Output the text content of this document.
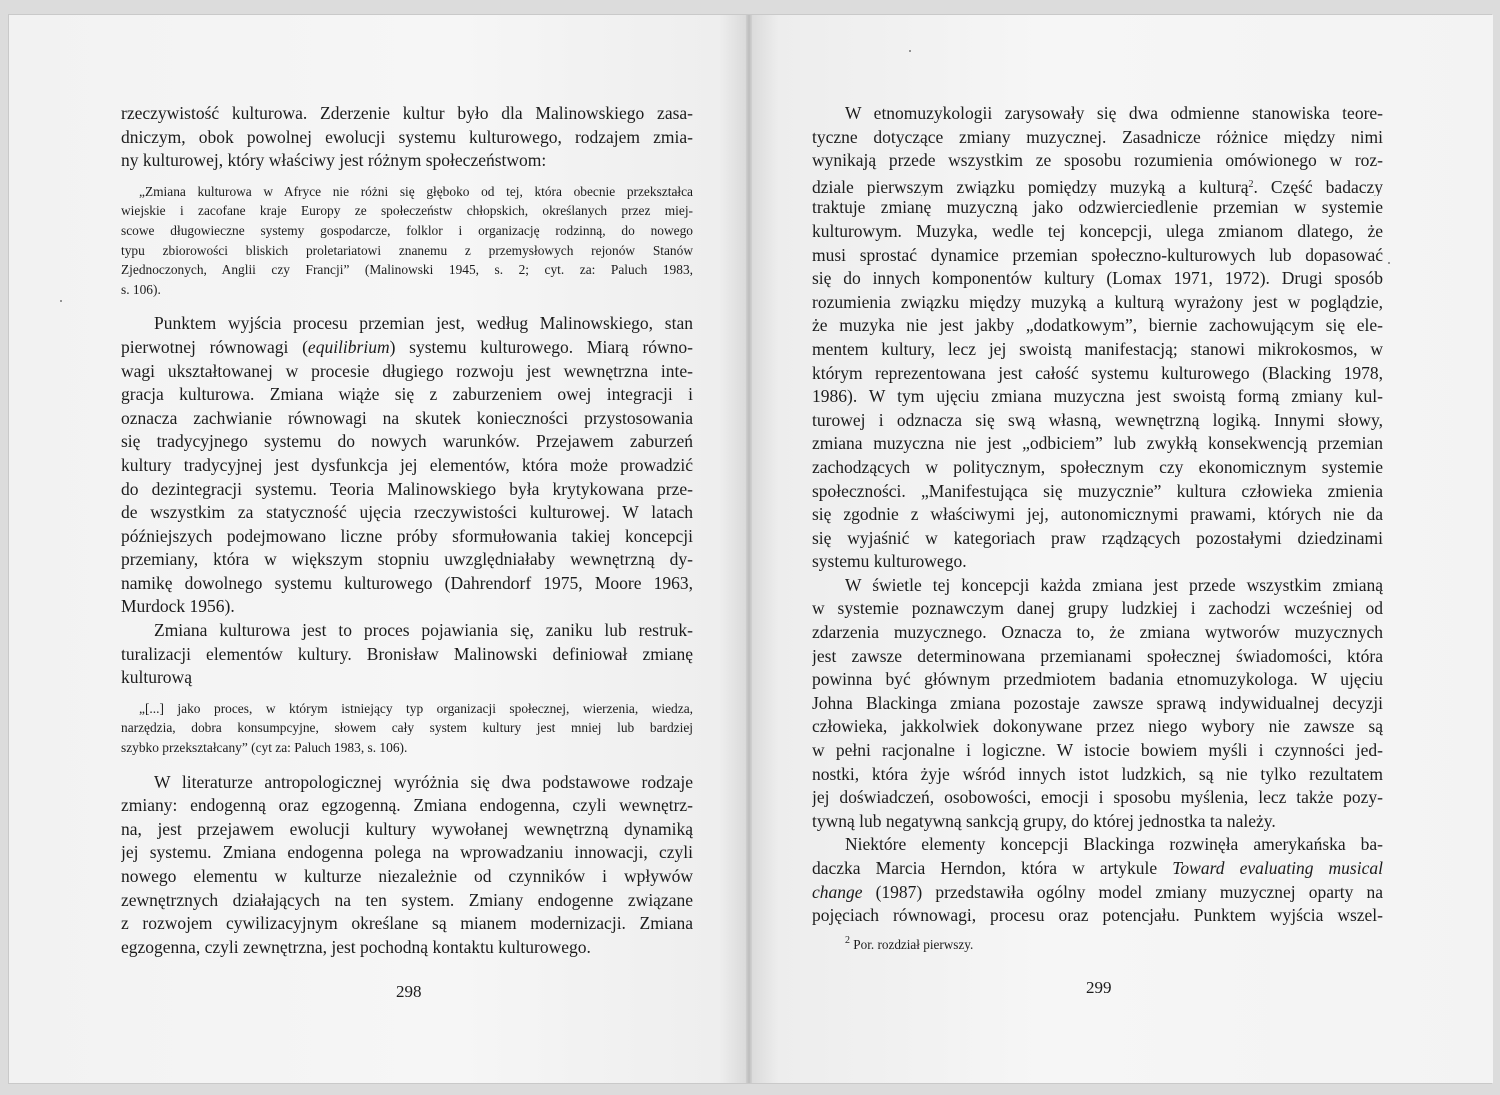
rzeczywistość kulturowa. Zderzenie kultur było dla Malinowskiego zasa-
dniczym, obok powolnej ewolucji systemu kulturowego, rodzajem zmia-
ny kulturowej, który właściwy jest różnym społeczeństwom:
„Zmiana kulturowa w Afryce nie różni się głęboko od tej, która obecnie przekształca
wiejskie i zacofane kraje Europy ze społeczeństw chłopskich, określanych przez miej-
scowe długowieczne systemy gospodarcze, folklor i organizację rodzinną, do nowego
typu zbiorowości bliskich proletariatowi znanemu z przemysłowych rejonów Stanów
Zjednoczonych, Anglii czy Francji” (Malinowski 1945, s. 2; cyt. za: Paluch 1983,
s. 106).
Punktem wyjścia procesu przemian jest, według Malinowskiego, stan
pierwotnej równowagi (equilibrium) systemu kulturowego. Miarą równo-
wagi ukształtowanej w procesie długiego rozwoju jest wewnętrzna inte-
gracja kulturowa. Zmiana wiąże się z zaburzeniem owej integracji i
oznacza zachwianie równowagi na skutek konieczności przystosowania
się tradycyjnego systemu do nowych warunków. Przejawem zaburzeń
kultury tradycyjnej jest dysfunkcja jej elementów, która może prowadzić
do dezintegracji systemu. Teoria Malinowskiego była krytykowana prze-
de wszystkim za statyczność ujęcia rzeczywistości kulturowej. W latach
późniejszych podejmowano liczne próby sformułowania takiej koncepcji
przemiany, która w większym stopniu uwzględniałaby wewnętrzną dy-
namikę dowolnego systemu kulturowego (Dahrendorf 1975, Moore 1963,
Murdock 1956).
Zmiana kulturowa jest to proces pojawiania się, zaniku lub restruk-
turalizacji elementów kultury. Bronisław Malinowski definiował zmianę
kulturową
„[...] jako proces, w którym istniejący typ organizacji społecznej, wierzenia, wiedza,
narzędzia, dobra konsumpcyjne, słowem cały system kultury jest mniej lub bardziej
szybko przekształcany” (cyt za: Paluch 1983, s. 106).
W literaturze antropologicznej wyróżnia się dwa podstawowe rodzaje
zmiany: endogenną oraz egzogenną. Zmiana endogenna, czyli wewnętrz-
na, jest przejawem ewolucji kultury wywołanej wewnętrzną dynamiką
jej systemu. Zmiana endogenna polega na wprowadzaniu innowacji, czyli
nowego elementu w kulturze niezależnie od czynników i wpływów
zewnętrznych działających na ten system. Zmiany endogenne związane
z rozwojem cywilizacyjnym określane są mianem modernizacji. Zmiana
egzogenna, czyli zewnętrzna, jest pochodną kontaktu kulturowego.
298
W etnomuzykologii zarysowały się dwa odmienne stanowiska teore-
tyczne dotyczące zmiany muzycznej. Zasadnicze różnice między nimi
wynikają przede wszystkim ze sposobu rozumienia omówionego w roz-
dziale pierwszym związku pomiędzy muzyką a kulturą$^2$. Część badaczy
traktuje zmianę muzyczną jako odzwierciedlenie przemian w systemie
kulturowym. Muzyka, wedle tej koncepcji, ulega zmianom dlatego, że
musi sprostać dynamice przemian społeczno-kulturowych lub dopasować
się do innych komponentów kultury (Lomax 1971, 1972). Drugi sposób
rozumienia związku między muzyką a kulturą wyrażony jest w poglądzie,
że muzyka nie jest jakby „dodatkowym”, biernie zachowującym się ele-
mentem kultury, lecz jej swoistą manifestacją; stanowi mikrokosmos, w
którym reprezentowana jest całość systemu kulturowego (Blacking 1978,
1986). W tym ujęciu zmiana muzyczna jest swoistą formą zmiany kul-
turowej i odznacza się swą własną, wewnętrzną logiką. Innymi słowy,
zmiana muzyczna nie jest „odbiciem” lub zwykłą konsekwencją przemian
zachodzących w politycznym, społecznym czy ekonomicznym systemie
społeczności. „Manifestująca się muzycznie” kultura człowieka zmienia
się zgodnie z właściwymi jej, autonomicznymi prawami, których nie da
się wyjaśnić w kategoriach praw rządzących pozostałymi dziedzinami
systemu kulturowego.
W świetle tej koncepcji każda zmiana jest przede wszystkim zmianą
w systemie poznawczym danej grupy ludzkiej i zachodzi wcześniej od
zdarzenia muzycznego. Oznacza to, że zmiana wytworów muzycznych
jest zawsze determinowana przemianami społecznej świadomości, która
powinna być głównym przedmiotem badania etnomuzykologa. W ujęciu
Johna Blackinga zmiana pozostaje zawsze sprawą indywidualnej decyzji
człowieka, jakkolwiek dokonywane przez niego wybory nie zawsze są
w pełni racjonalne i logiczne. W istocie bowiem myśli i czynności jed-
nostki, która żyje wśród innych istot ludzkich, są nie tylko rezultatem
jej doświadczeń, osobowości, emocji i sposobu myślenia, lecz także pozy-
tywną lub negatywną sankcją grupy, do której jednostka ta należy.
Niektóre elementy koncepcji Blackinga rozwinęła amerykańska ba-
daczka Marcia Herndon, która w artykule Toward evaluating musical
change (1987) przedstawiła ogólny model zmiany muzycznej oparty na
pojęciach równowagi, procesu oraz potencjału. Punktem wyjścia wszel-
$^2$ Por. rozdział pierwszy.
299
